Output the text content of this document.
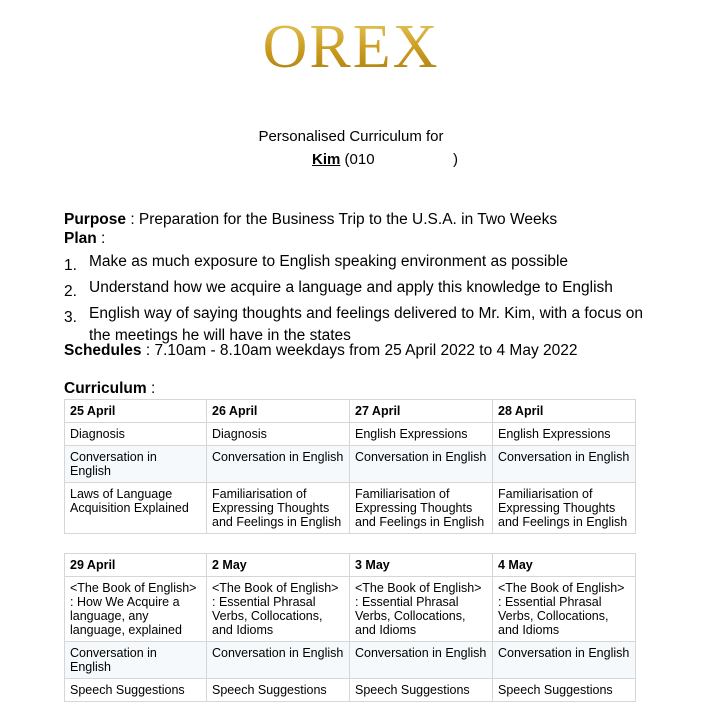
OREX
Personalised Curriculum for
Kim (010	)
Purpose : Preparation for the Business Trip to the U.S.A. in Two Weeks
Plan :
1. Make as much exposure to English speaking environment as possible
2. Understand how we acquire a language and apply this knowledge to English
3. English way of saying thoughts and feelings delivered to Mr. Kim, with a focus on the meetings he will have in the states
Schedules : 7.10am - 8.10am weekdays from 25 April 2022 to 4 May 2022
Curriculum :
25 April	26 April	27 April	28 April
Diagnosis	Diagnosis	English Expressions	English Expressions
Conversation in English	Conversation in English	Conversation in English	Conversation in English
Laws of Language Acquisition Explained	Familiarisation of Expressing Thoughts and Feelings in English	Familiarisation of Expressing Thoughts and Feelings in English	Familiarisation of Expressing Thoughts and Feelings in English
29 April	2 May	3 May	4 May
<The Book of English> : How We Acquire a language, any language, explained	<The Book of English> : Essential Phrasal Verbs, Collocations, and Idioms	<The Book of English> : Essential Phrasal Verbs, Collocations, and Idioms	<The Book of English> : Essential Phrasal Verbs, Collocations, and Idioms
Conversation in English	Conversation in English	Conversation in English	Conversation in English
Speech Suggestions	Speech Suggestions	Speech Suggestions	Speech Suggestions
